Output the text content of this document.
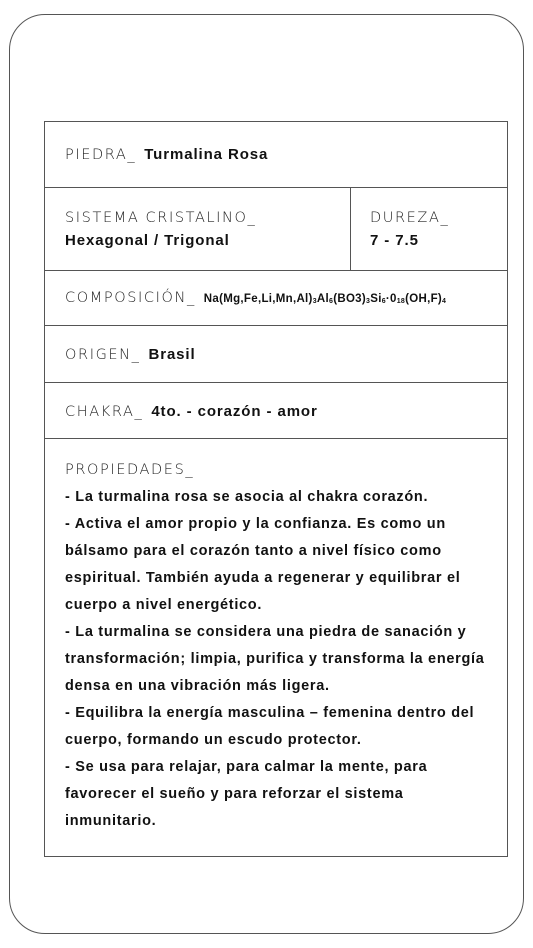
PIEDRA_ Turmalina Rosa
SISTEMA CRISTALINO_
Hexagonal / Trigonal
DUREZA_
7 - 7.5
COMPOSICIÓN_ $Na(Mg,Fe,Li,Mn,Al)_3Al_6(BO3)_3Si_6\cdot 0_{18}(OH,F)_4$
ORIGEN_ Brasil
CHAKRA_ 4to. - corazón - amor
PROPIEDADES_
- La turmalina rosa se asocia al chakra corazón.
- Activa el amor propio y la confianza. Es como un bálsamo para el corazón tanto a nivel físico como espiritual. También ayuda a regenerar y equilibrar el cuerpo a nivel energético.
- La turmalina se considera una piedra de sanación y transformación; limpia, purifica y transforma la energía densa en una vibración más ligera.
- Equilibra la energía masculina – femenina dentro del cuerpo, formando un escudo protector.
- Se usa para relajar, para calmar la mente, para favorecer el sueño y para reforzar el sistema inmunitario.
